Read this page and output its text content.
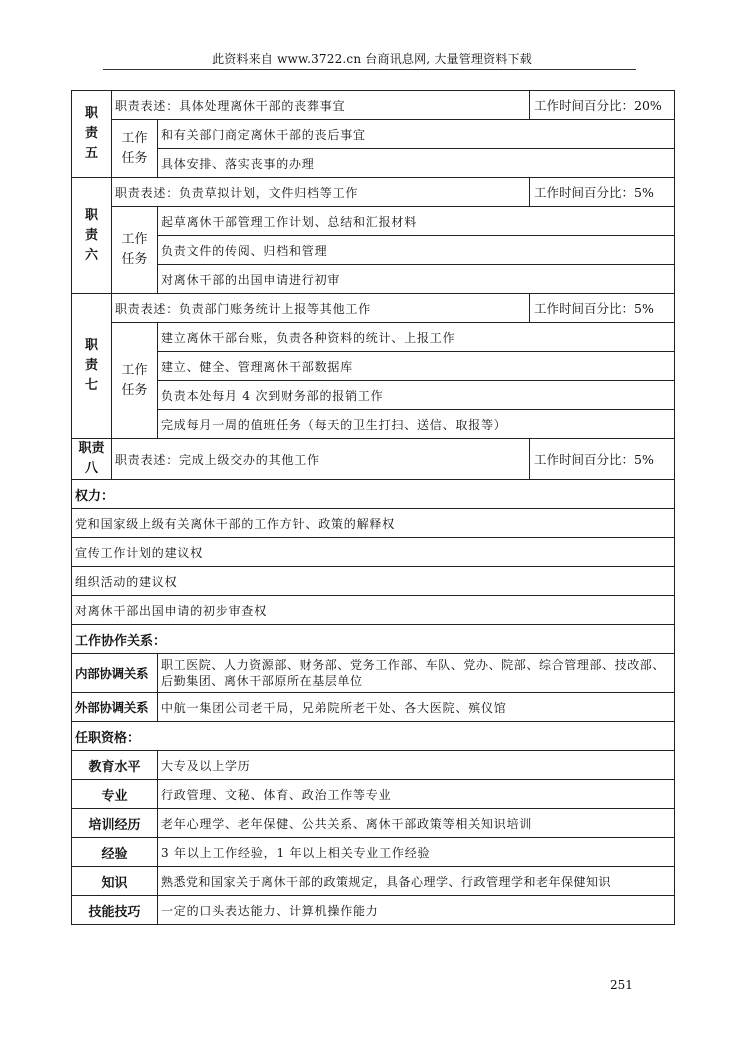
此资料来自 www.3722.cn 台商讯息网, 大量管理资料下载
职
责
五	职责表述：具体处理离休干部的丧葬事宜		工作时间百分比：20%
	工作
任务	和有关部门商定离休干部的丧后事宜	
		具体安排、落实丧事的办理	
职
责
六	职责表述：负责草拟计划，文件归档等工作		工作时间百分比：5%
	工作
任务	起草离休干部管理工作计划、总结和汇报材料	
		负责文件的传阅、归档和管理	
		对离休干部的出国申请进行初审	
职
责
七	职责表述：负责部门账务统计上报等其他工作		工作时间百分比：5%
	工作
任务	建立离休干部台账，负责各种资料的统计、上报工作	
		建立、健全、管理离休干部数据库	
		负责本处每月 4 次到财务部的报销工作	
		完成每月一周的值班任务（每天的卫生打扫、送信、取报等）	
职责
八	职责表述：完成上级交办的其他工作		工作时间百分比：5%
权力：			
党和国家级上级有关离休干部的工作方针、政策的解释权			
宣传工作计划的建议权			
组织活动的建议权			
对离休干部出国申请的初步审查权			
工作协作关系：			
内部协调关系		职工医院、人力资源部、财务部、党务工作部、车队、党办、院部、综合管理部、技改部、后勤集团、离休干部原所在基层单位	
外部协调关系		中航一集团公司老干局，兄弟院所老干处、各大医院、殡仪馆	
任职资格：			
教育水平		大专及以上学历	
专业		行政管理、文秘、体育、政治工作等专业	
培训经历		老年心理学、老年保健、公共关系、离休干部政策等相关知识培训	
经验		3 年以上工作经验，1 年以上相关专业工作经验	
知识		熟悉党和国家关于离休干部的政策规定，具备心理学、行政管理学和老年保健知识	
技能技巧		一定的口头表达能力、计算机操作能力	
251
